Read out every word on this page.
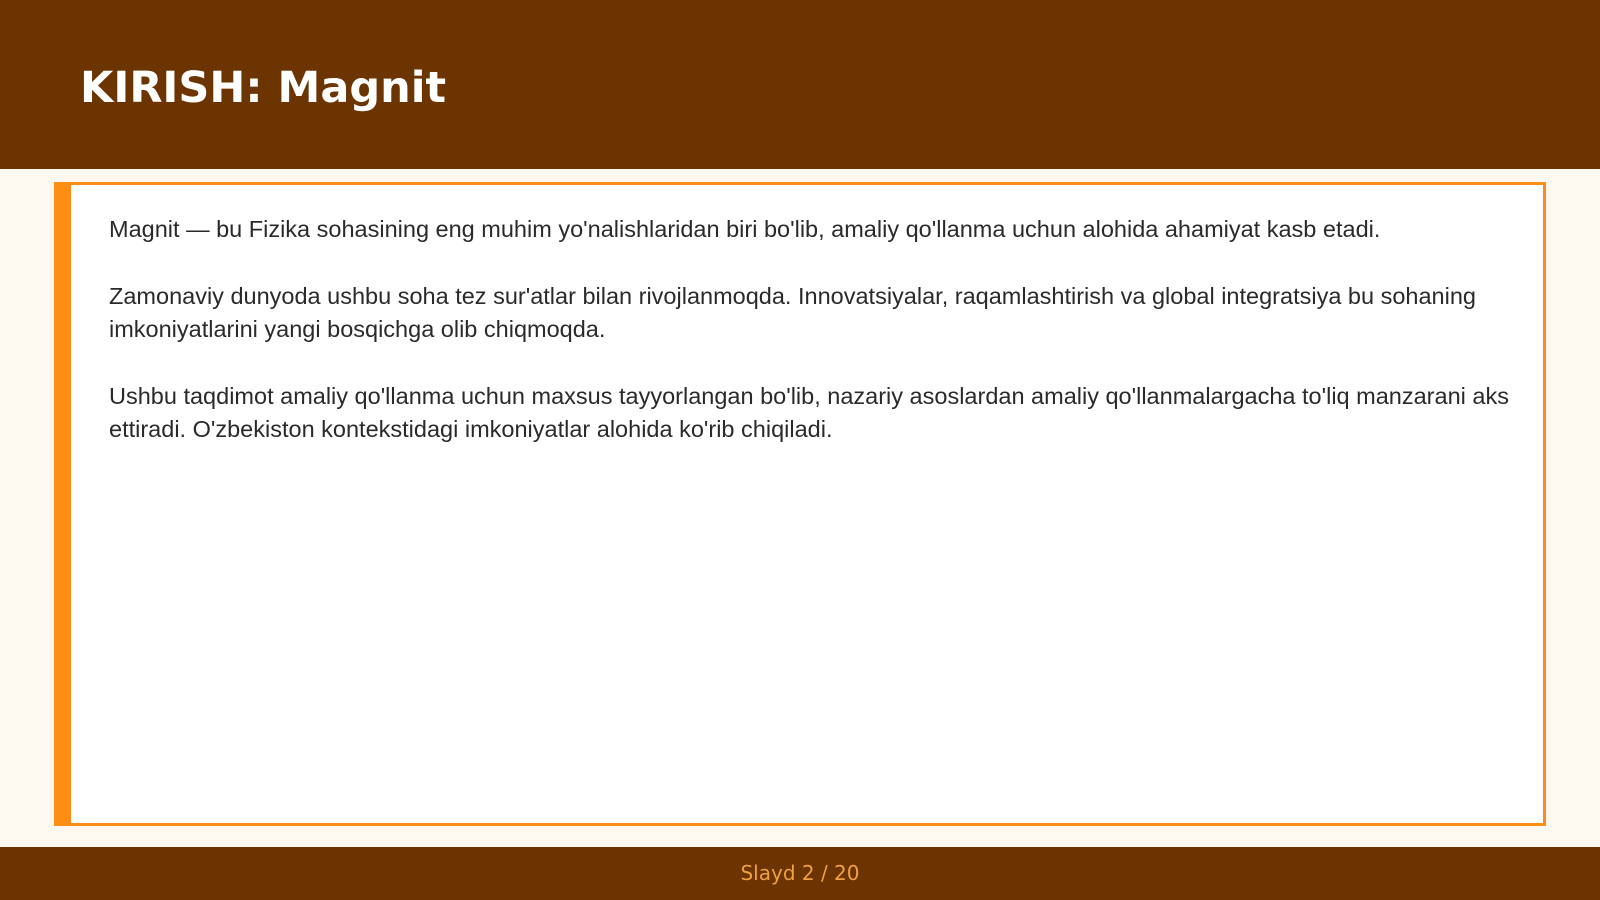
KIRISH: Magnit

Magnit — bu Fizika sohasining eng muhim yo'nalishlaridan biri bo'lib, amaliy qo'llanma uchun alohida ahamiyat kasb etadi.

Zamonaviy dunyoda ushbu soha tez sur'atlar bilan rivojlanmoqda. Innovatsiyalar, raqamlashtirish va global integratsiya bu sohaning imkoniyatlarini yangi bosqichga olib chiqmoqda.

Ushbu taqdimot amaliy qo'llanma uchun maxsus tayyorlangan bo'lib, nazariy asoslardan amaliy qo'llanmalargacha to'liq manzarani aks ettiradi. O'zbekiston kontekstidagi imkoniyatlar alohida ko'rib chiqiladi.

Slayd 2 / 20
